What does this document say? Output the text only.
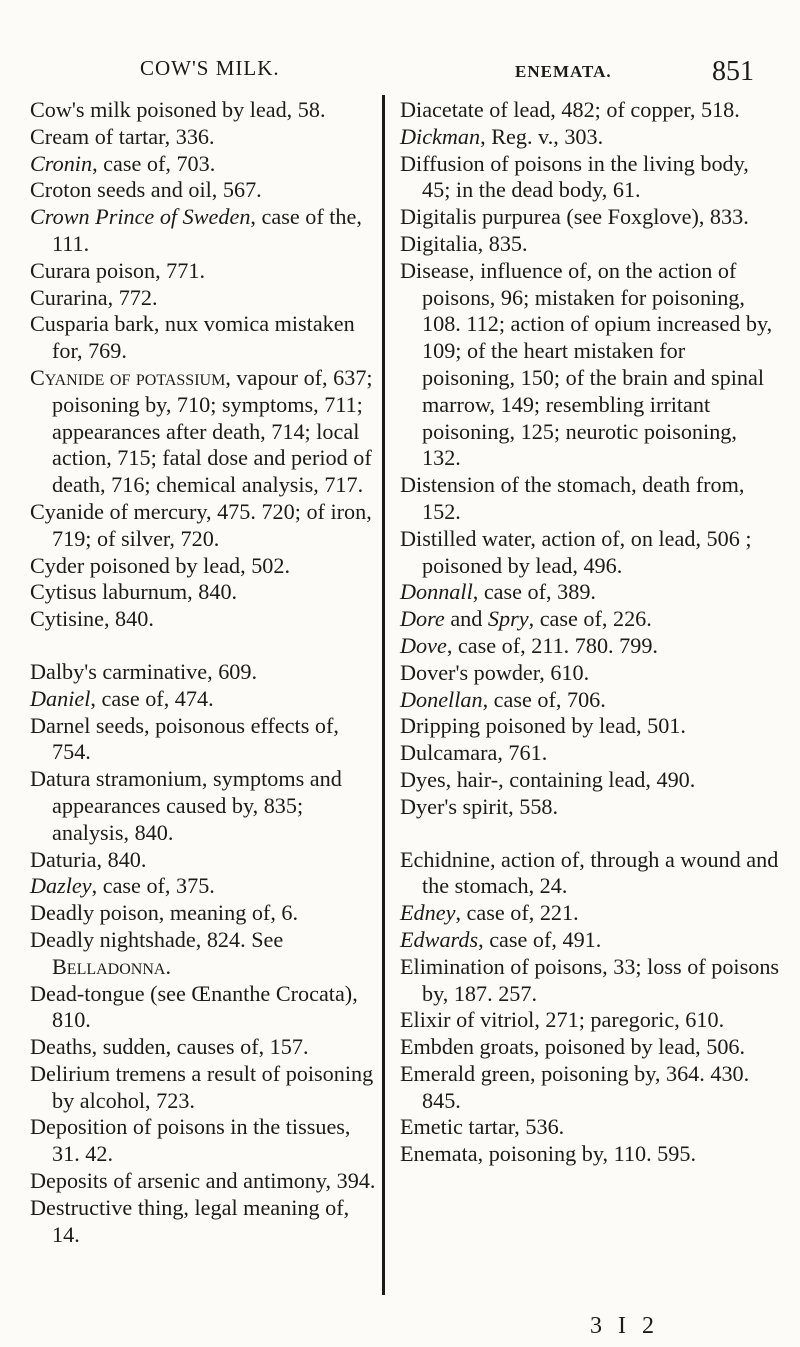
COW'S MILK.	ENEMATA.	851

Cow's milk poisoned by lead, 58.

Cream of tartar, 336.

Cronin, case of, 703.

Croton seeds and oil, 567.

Crown Prince of Sweden, case of the, 111.

Curara poison, 771.

Curarina, 772.

Cusparia bark, nux vomica mistaken for, 769.

Cyanide of potassium, vapour of, 637; poisoning by, 710; symptoms, 711; appearances after death, 714; local action, 715; fatal dose and period of death, 716; chemical analysis, 717.

Cyanide of mercury, 475. 720; of iron, 719; of silver, 720.

Cyder poisoned by lead, 502.

Cytisus laburnum, 840.

Cytisine, 840.

Dalby's carminative, 609.

Daniel, case of, 474.

Darnel seeds, poisonous effects of, 754.

Datura stramonium, symptoms and appearances caused by, 835; analysis, 840.

Daturia, 840.

Dazley, case of, 375.

Deadly poison, meaning of, 6.

Deadly nightshade, 824. See Belladonna.

Dead-tongue (see Œnanthe Crocata), 810.

Deaths, sudden, causes of, 157.

Delirium tremens a result of poisoning by alcohol, 723.

Deposition of poisons in the tissues, 31. 42.

Deposits of arsenic and antimony, 394.

Destructive thing, legal meaning of, 14.

Diacetate of lead, 482; of copper, 518.

Dickman, Reg. v., 303.

Diffusion of poisons in the living body, 45; in the dead body, 61.

Digitalis purpurea (see Foxglove), 833.

Digitalia, 835.

Disease, influence of, on the action of poisons, 96; mistaken for poisoning, 108. 112; action of opium increased by, 109; of the heart mistaken for poisoning, 150; of the brain and spinal marrow, 149; resembling irritant poisoning, 125; neurotic poisoning, 132.

Distension of the stomach, death from, 152.

Distilled water, action of, on lead, 506 ; poisoned by lead, 496.

Donnall, case of, 389.

Dore and Spry, case of, 226.

Dove, case of, 211. 780. 799.

Dover's powder, 610.

Donellan, case of, 706.

Dripping poisoned by lead, 501.

Dulcamara, 761.

Dyes, hair-, containing lead, 490.

Dyer's spirit, 558.

Echidnine, action of, through a wound and the stomach, 24.

Edney, case of, 221.

Edwards, case of, 491.

Elimination of poisons, 33; loss of poisons by, 187. 257.

Elixir of vitriol, 271; paregoric, 610.

Embden groats, poisoned by lead, 506.

Emerald green, poisoning by, 364. 430. 845.

Emetic tartar, 536.

Enemata, poisoning by, 110. 595.

3 I 2
